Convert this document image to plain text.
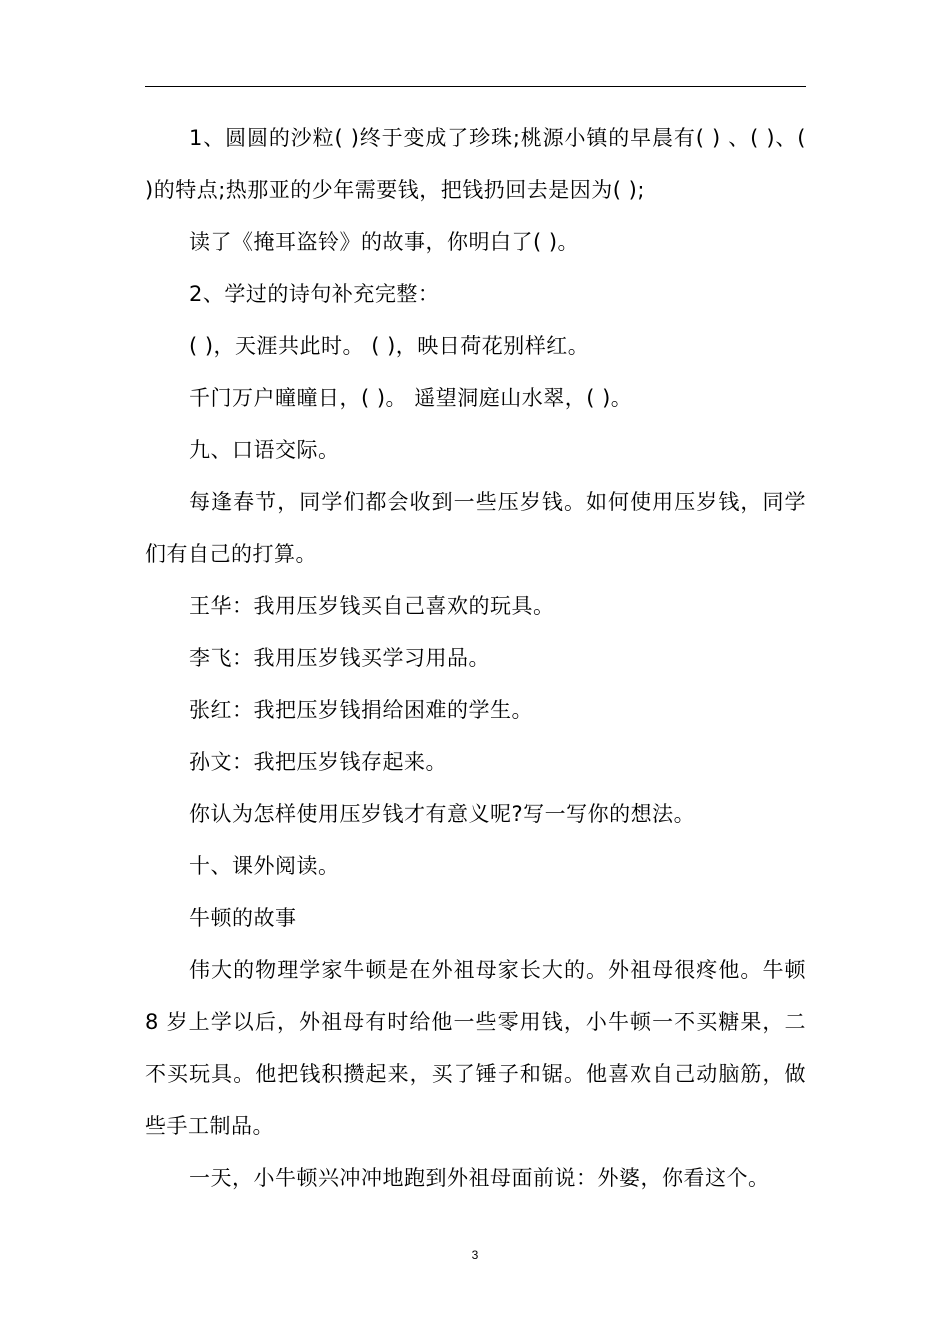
1、圆圆的沙粒( )终于变成了珍珠;桃源小镇的早晨有( ) 、( )、( )的特点;热那亚的少年需要钱，把钱扔回去是因为( );

读了《掩耳盗铃》的故事，你明白了( )。

2、学过的诗句补充完整：

( )，天涯共此时。 ( )，映日荷花别样红。

千门万户曈曈日，( )。 遥望洞庭山水翠，( )。

九、口语交际。

每逢春节，同学们都会收到一些压岁钱。如何使用压岁钱，同学们有自己的打算。

王华：我用压岁钱买自己喜欢的玩具。

李飞：我用压岁钱买学习用品。

张红：我把压岁钱捐给困难的学生。

孙文：我把压岁钱存起来。

你认为怎样使用压岁钱才有意义呢?写一写你的想法。

十、课外阅读。

牛顿的故事

伟大的物理学家牛顿是在外祖母家长大的。外祖母很疼他。牛顿 8 岁上学以后，外祖母有时给他一些零用钱，小牛顿一不买糖果，二不买玩具。他把钱积攒起来，买了锤子和锯。他喜欢自己动脑筋，做些手工制品。

一天，小牛顿兴冲冲地跑到外祖母面前说：外婆，你看这个。

3
